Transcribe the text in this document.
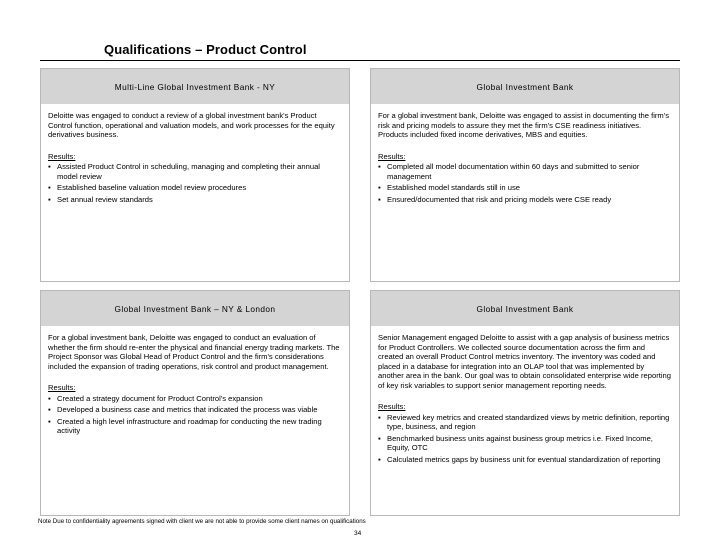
Qualifications – Product Control
Multi-Line Global Investment Bank - NY

Deloitte was engaged to conduct a review of a global investment bank's Product Control function, operational and valuation models, and work processes for the equity derivatives business.

Results:
▪ Assisted Product Control in scheduling, managing and completing their annual model review
▪ Established baseline valuation model review procedures
▪ Set annual review standards
Global Investment Bank

For a global investment bank, Deloitte was engaged to assist in documenting the firm's risk and pricing models to assure they met the firm's CSE readiness initiatives. Products included fixed income derivatives, MBS and equities.

Results:
▪ Completed all model documentation within 60 days and submitted to senior management
▪ Established model standards still in use
▪ Ensured/documented that risk and pricing models were CSE ready
Global Investment Bank – NY & London

For a global investment bank, Deloitte was engaged to conduct an evaluation of whether the firm should re-enter the physical and financial energy trading markets. The Project Sponsor was Global Head of Product Control and the firm's considerations included the expansion of trading operations, risk control and product management.

Results:
▪ Created a strategy document for Product Control's expansion
▪ Developed a business case and metrics that indicated the process was viable
▪ Created a high level infrastructure and roadmap for conducting the new trading activity
Global Investment Bank

Senior Management engaged Deloitte to assist with a gap analysis of business metrics for Product Controllers. We collected source documentation across the firm and created an overall Product Control metrics inventory. The inventory was coded and placed in a database for integration into an OLAP tool that was implemented by another area in the bank. Our goal was to obtain consolidated enterprise wide reporting of key risk variables to support senior management reporting needs.

Results:
▪ Reviewed key metrics and created standardized views by metric definition, reporting type, business, and region
▪ Benchmarked business units against business group metrics i.e. Fixed Income, Equity, OTC
▪ Calculated metrics gaps by business unit for eventual standardization of reporting
Note Due to confidentiality agreements signed with client we are not able to provide some client names on qualifications
34
